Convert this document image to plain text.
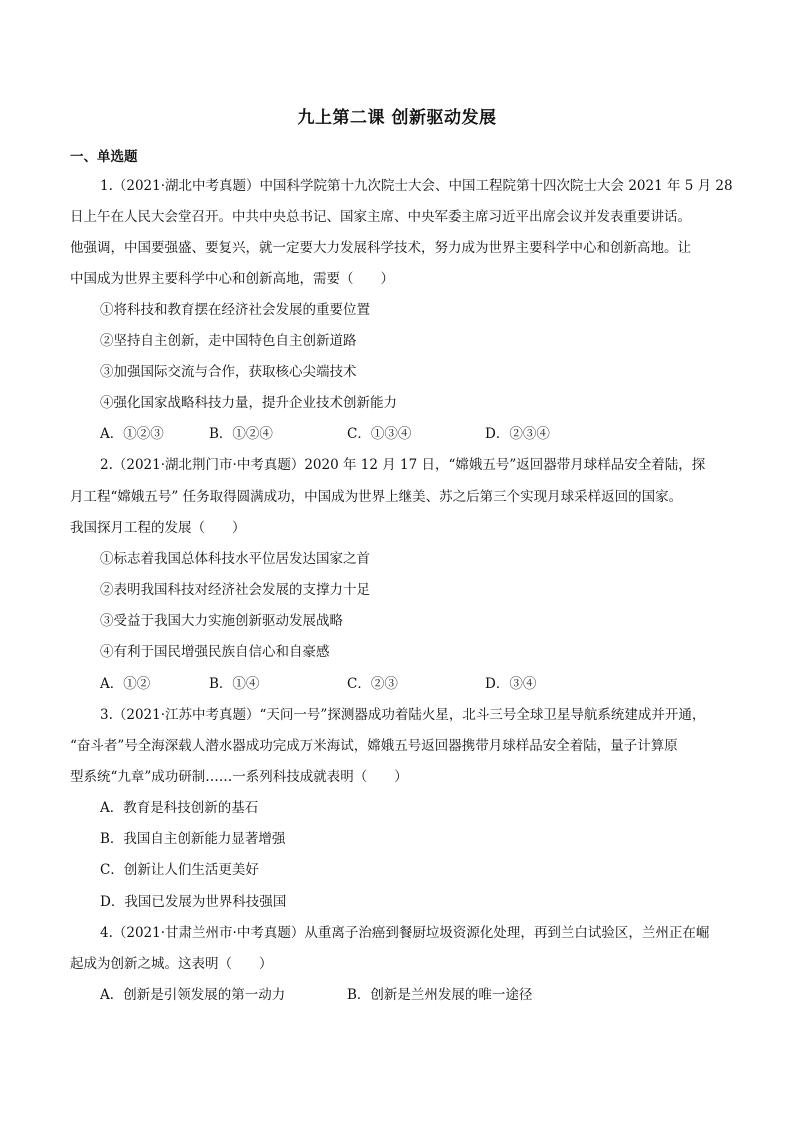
九上第二课 创新驱动发展
一、单选题
1.（2021·湖北中考真题）中国科学院第十九次院士大会、中国工程院第十四次院士大会 2021 年 5 月 28
日上午在人民大会堂召开。中共中央总书记、国家主席、中央军委主席习近平出席会议并发表重要讲话。
他强调，中国要强盛、要复兴，就一定要大力发展科学技术，努力成为世界主要科学中心和创新高地。让
中国成为世界主要科学中心和创新高地，需要（　　）
①将科技和教育摆在经济社会发展的重要位置
②坚持自主创新，走中国特色自主创新道路
③加强国际交流与合作，获取核心尖端技术
④强化国家战略科技力量，提升企业技术创新能力
A．①②③	B．①②④	C．①③④	D．②③④
2.（2021·湖北荆门市·中考真题）2020 年 12 月 17 日，“嫦娥五号”返回器带月球样品安全着陆，探
月工程“嫦娥五号” 任务取得圆满成功，中国成为世界上继美、苏之后第三个实现月球采样返回的国家。
我国探月工程的发展（　　）
①标志着我国总体科技水平位居发达国家之首
②表明我国科技对经济社会发展的支撑力十足
③受益于我国大力实施创新驱动发展战略
④有利于国民增强民族自信心和自豪感
A．①②	B．①④	C．②③	D．③④
3.（2021·江苏中考真题）“天问一号”探测器成功着陆火星，北斗三号全球卫星导航系统建成并开通，
“奋斗者”号全海深载人潜水器成功完成万米海试，嫦娥五号返回器携带月球样品安全着陆，量子计算原
型系统“九章”成功研制……一系列科技成就表明（　　）
A．教育是科技创新的基石
B．我国自主创新能力显著增强
C．创新让人们生活更美好
D．我国已发展为世界科技强国
4.（2021·甘肃兰州市·中考真题）从重离子治癌到餐厨垃圾资源化处理，再到兰白试验区，兰州正在崛
起成为创新之城。这表明（　　）
A．创新是引领发展的第一动力	B．创新是兰州发展的唯一途径
